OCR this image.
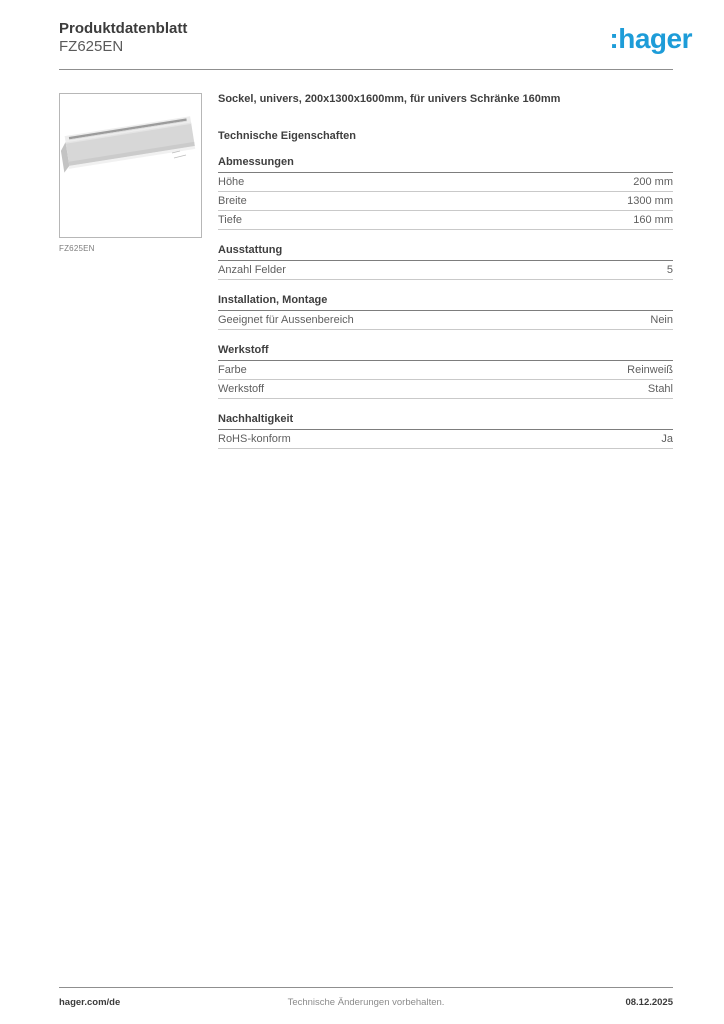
Produktdatenblatt
FZ625EN	:hager
FZ625EN
Sockel, univers, 200x1300x1600mm, für univers Schränke 160mm
Technische Eigenschaften
Abmessungen
Höhe	200 mm
Breite	1300 mm
Tiefe	160 mm
Ausstattung
Anzahl Felder	5
Installation, Montage
Geeignet für Aussenbereich	Nein
Werkstoff
Farbe	Reinweiß
Werkstoff	Stahl
Nachhaltigkeit
RoHS-konform	Ja
hager.com/de	Technische Änderungen vorbehalten.	08.12.2025
